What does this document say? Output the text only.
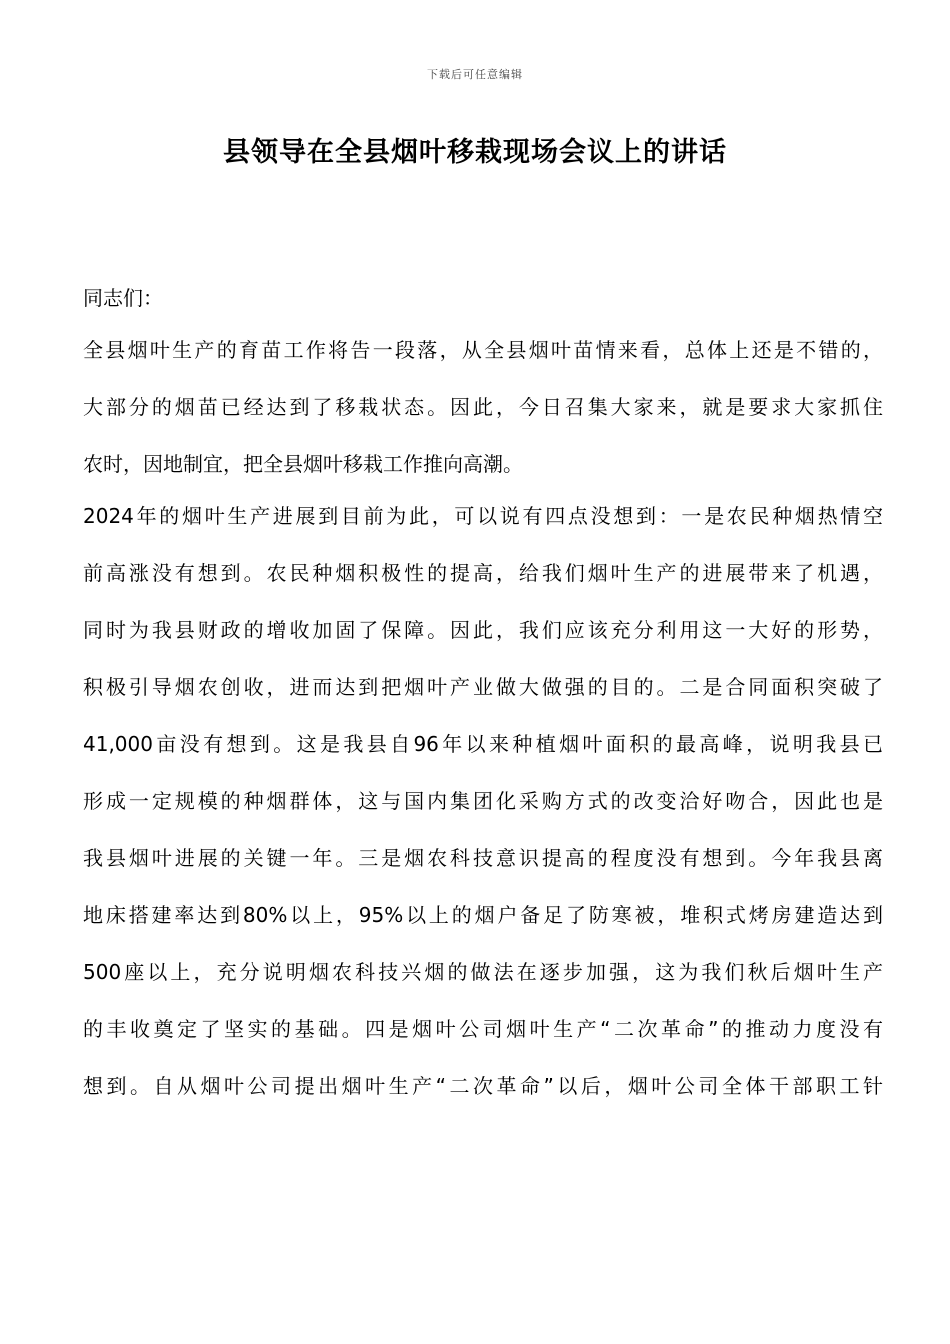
下载后可任意编辑
县领导在全县烟叶移栽现场会议上的讲话
同志们：
全县烟叶生产的育苗工作将告一段落，从全县烟叶苗情来看，总体上还是不错的，
大部分的烟苗已经达到了移栽状态。因此，今日召集大家来，就是要求大家抓住
农时，因地制宜，把全县烟叶移栽工作推向高潮。
2024年的烟叶生产进展到目前为此，可以说有四点没想到：一是农民种烟热情空
前高涨没有想到。农民种烟积极性的提高，给我们烟叶生产的进展带来了机遇，
同时为我县财政的增收加固了保障。因此，我们应该充分利用这一大好的形势，
积极引导烟农创收，进而达到把烟叶产业做大做强的目的。二是合同面积突破了
41,000亩没有想到。这是我县自96年以来种植烟叶面积的最高峰，说明我县已
形成一定规模的种烟群体，这与国内集团化采购方式的改变洽好吻合，因此也是
我县烟叶进展的关键一年。三是烟农科技意识提高的程度没有想到。今年我县离
地床搭建率达到80%以上，95%以上的烟户备足了防寒被，堆积式烤房建造达到
500座以上，充分说明烟农科技兴烟的做法在逐步加强，这为我们秋后烟叶生产
的丰收奠定了坚实的基础。四是烟叶公司烟叶生产“二次革命”的推动力度没有
想到。自从烟叶公司提出烟叶生产“二次革命”以后，烟叶公司全体干部职工针
